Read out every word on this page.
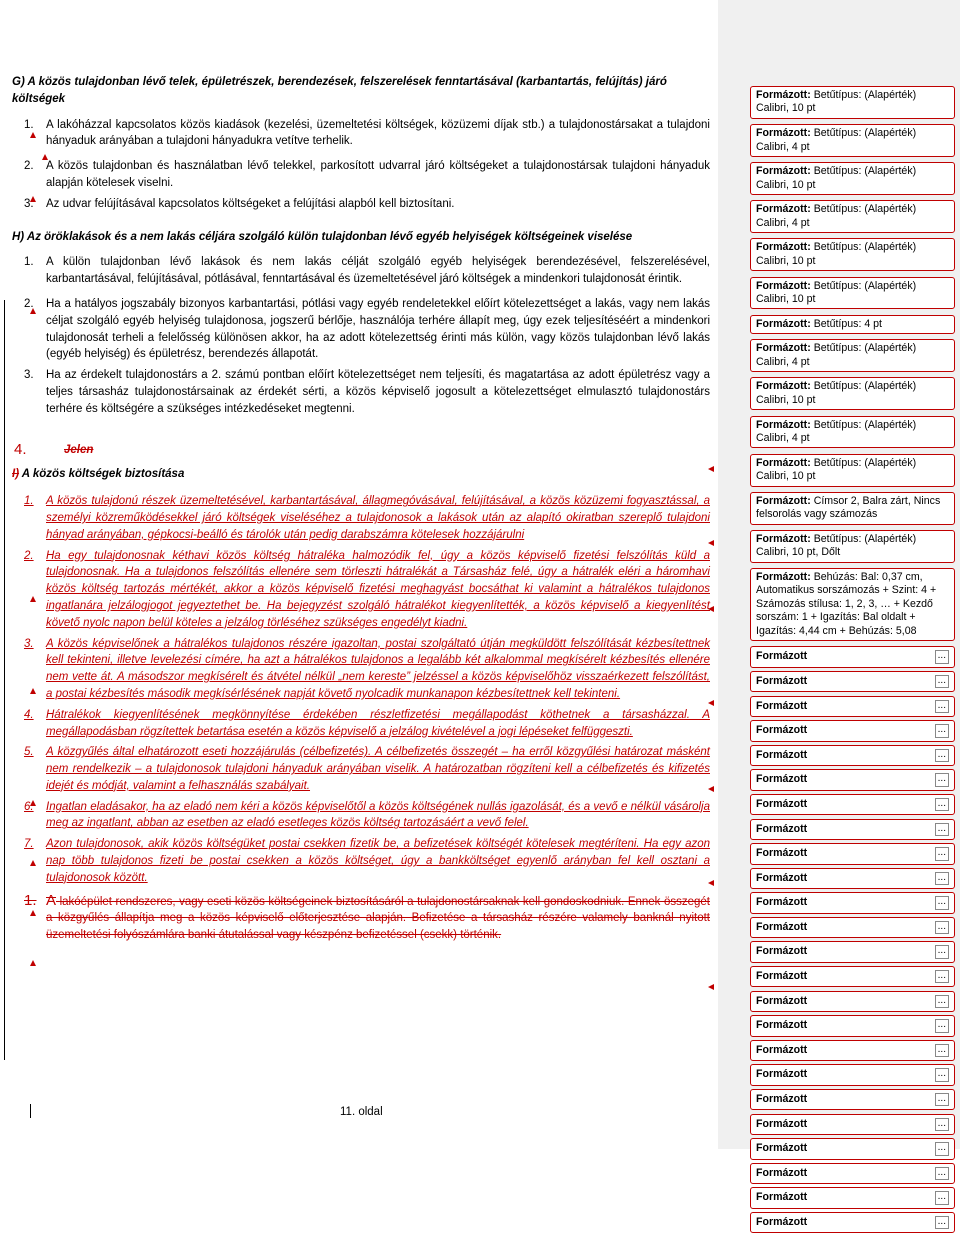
G) A közös tulajdonban lévő telek, épületrészek, berendezések, felszerelések fenntartásával (karbantartás, felújítás) járó költségek

1.	A lakóházzal kapcsolatos közös kiadások (kezelési, üzemeltetési költségek, közüzemi díjak stb.) a tulajdonostársakat a tulajdoni hányaduk arányában a tulajdoni hányadukra vetítve terhelik.
2.	A közös tulajdonban és használatban lévő telekkel, parkosított udvarral járó költségeket a tulajdonostársak tulajdoni hányaduk alapján kötelesek viselni.
3.	Az udvar felújításával kapcsolatos költségeket a felújítási alapból kell biztosítani.

H) Az öröklakások és a nem lakás céljára szolgáló külön tulajdonban lévő egyéb helyiségek költségeinek viselése

1.	A külön tulajdonban lévő lakások és nem lakás célját szolgáló egyéb helyiségek berendezésével, felszerelésével, karbantartásával, felújításával, pótlásával, fenntartásával és üzemeltetésével járó költségek a mindenkori tulajdonosát érintik.
2.	Ha a hatályos jogszabály bizonyos karbantartási, pótlási vagy egyéb rendeletekkel előírt kötelezettséget a lakás, vagy nem lakás céljat szolgáló egyéb helyiség tulajdonosa, jogszerű bérlője, használója terhére állapít meg, úgy ezek teljesítéséért a mindenkori tulajdonosát terheli a felelősség különösen akkor, ha az adott kötelezettség érinti más külön, vagy közös tulajdonban lévő lakás (egyéb helyiség) és épületrész, berendezés állapotát.
3.	Ha az érdekelt tulajdonostárs a 2. számú pontban előírt kötelezettséget nem teljesíti, és magatartása az adott épületrész vagy a teljes társasház tulajdonostársainak az érdekét sérti, a közös képviselő jogosult a kötelezettséget elmulasztó tulajdonostárs terhére és költségére a szükséges intézkedéseket megtenni.
4.	Jelen

I) A közös költségek biztosítása

1.	A közös tulajdonú részek üzemeltetésével, karbantartásával, állagmegóvásával, felújításával, a közös közüzemi fogyasztással, a személyi közreműködésekkel járó költségek viseléséhez a tulajdonosok a lakások után az alapító okiratban szereplő tulajdoni hányad arányában, gépkocsi-beálló és tárolók után pedig darabszámra kötelesek hozzájárulni
2.	Ha egy tulajdonosnak kéthavi közös költség hátraléka halmozódik fel, úgy a közös képviselő fizetési felszólítás küld a tulajdonosnak. Ha a tulajdonos felszólítás ellenére sem törleszti hátralékát a Társasház felé, úgy a hátralék eléri a háromhavi közös költség tartozás mértékét, akkor a közös képviselő fizetési meghagyást bocsáthat ki valamint a hátralékos tulajdonos ingatlanára jelzálogjogot jegyeztethet be. Ha bejegyzést szolgáló hátralékot kiegyenlítették, a közös képviselő a kiegyenlítést követő nyolc napon belül köteles a jelzálog törléséhez szükséges engedélyt kiadni.
3.	A közös képviselőnek a hátralékos tulajdonos részére igazoltan, postai szolgáltató útján megküldött felszólítását kézbesítettnek kell tekinteni, illetve levelezési címére, ha azt a hátralékos tulajdonos a legalább két alkalommal megkísérelt kézbesítés ellenére nem vette át. A másodszor megkísérelt és átvétel nélkül „nem kereste” jelzéssel a közös képviselőhöz visszaérkezett felszólítást, a postai kézbesítés második megkísérlésének napját követő nyolcadik munkanapon kézbesítettnek kell tekinteni.
4.	Hátralékok kiegyenlítésének megkönnyítése érdekében részletfizetési megállapodást köthetnek a társasházzal. A megállapodásban rögzítettek betartása esetén a közös képviselő a jelzálog kivételével a jogi lépéseket felfüggeszti.
5.	A közgyűlés által elhatározott eseti hozzájárulás (célbefizetés). A célbefizetés összegét – ha erről közgyűlési határozat másként nem rendelkezik – a tulajdonosok tulajdoni hányaduk arányában viselik. A határozatban rögzíteni kell a célbefizetés és kifizetés idejét és módját, valamint a felhasználás szabályait.
6.	Ingatlan eladásakor, ha az eladó nem kéri a közös képviselőtől a közös költségének nullás igazolását, és a vevő e nélkül vásárolja meg az ingatlant, abban az esetben az eladó esetleges közös költség tartozásáért a vevő felel.
7.	Azon tulajdonosok, akik közös költségüket postai csekken fizetik be, a befizetések költségét kötelesek megtéríteni. Ha egy azon nap több tulajdonos fizeti be postai csekken a közös költséget, úgy a bankköltséget egyenlő arányban fel kell osztani a tulajdonosok között.
1. A lakóépület rendszeres, vagy eseti közös költségeinek biztosításáról a tulajdonostársaknak kell gondoskodniuk. Ennek összegét a közgyűlés állapítja meg a közös képviselő előterjesztése alapján. Befizetése a társasház részére valamely banknál nyitott üzemeltetési folyószámlára banki átutalással vagy készpénz befizetéssel (csekk) történik.
11. oldal
Formázott: Betűtípus: (Alapérték) Calibri, 10 pt
Formázott: Betűtípus: (Alapérték) Calibri, 4 pt
Formázott: Betűtípus: (Alapérték) Calibri, 10 pt
Formázott: Betűtípus: (Alapérték) Calibri, 4 pt
Formázott: Betűtípus: (Alapérték) Calibri, 10 pt
Formázott: Betűtípus: (Alapérték) Calibri, 10 pt
Formázott: Betűtípus: 4 pt
Formázott: Betűtípus: (Alapérték) Calibri, 4 pt
Formázott: Betűtípus: (Alapérték) Calibri, 10 pt
Formázott: Betűtípus: (Alapérték) Calibri, 4 pt
Formázott: Betűtípus: (Alapérték) Calibri, 10 pt
Formázott: Címsor 2, Balra zárt, Nincs felsorolás vagy számozás
Formázott: Betűtípus: (Alapérték) Calibri, 10 pt, Dőlt
Formázott: Behúzás: Bal: 0,37 cm, Automatikus sorszámozás + Szint: 4 + Számozás stílusa: 1, 2, 3, … + Kezdő sorszám: 1 + Igazítás: Bal oldalt + Igazítás: 4,44 cm + Behúzás: 5,08
Formázott	...
Formázott	...
Formázott	...
Formázott	...
Formázott	...
Formázott	...
Formázott	...
Formázott	...
Formázott	...
Formázott	...
Formázott	...
Formázott	...
Formázott	...
Formázott	...
Formázott	...
Formázott	...
Formázott	...
Formázott	...
Formázott	...
Formázott	...
Formázott	...
Formázott	...
Formázott	...
Formázott	...
